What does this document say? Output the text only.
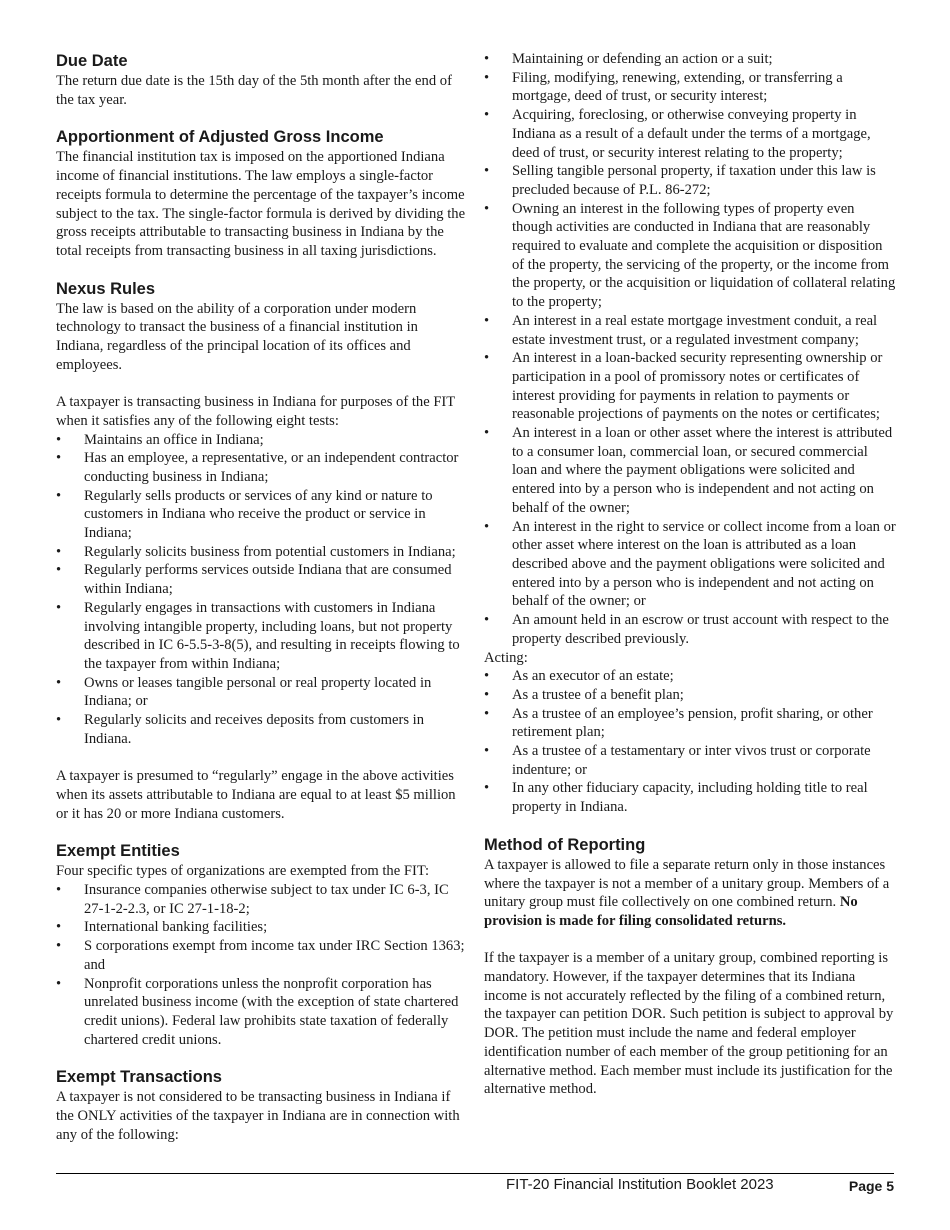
Due Date

The return due date is the 15th day of the 5th month after the end of the tax year.

Apportionment of Adjusted Gross Income

The financial institution tax is imposed on the apportioned Indiana income of financial institutions. The law employs a single-factor receipts formula to determine the percentage of the taxpayer’s income subject to the tax. The single-factor formula is derived by dividing the gross receipts attributable to transacting business in Indiana by the total receipts from transacting business in all taxing jurisdictions.

Nexus Rules

The law is based on the ability of a corporation under modern technology to transact the business of a financial institution in Indiana, regardless of the principal location of its offices and employees.

A taxpayer is transacting business in Indiana for purposes of the FIT when it satisfies any of the following eight tests:

• Maintains an office in Indiana;
• Has an employee, a representative, or an independent contractor conducting business in Indiana;
• Regularly sells products or services of any kind or nature to customers in Indiana who receive the product or service in Indiana;
• Regularly solicits business from potential customers in Indiana;
• Regularly performs services outside Indiana that are consumed within Indiana;
• Regularly engages in transactions with customers in Indiana involving intangible property, including loans, but not property described in IC 6-5.5-3-8(5), and resulting in receipts flowing to the taxpayer from within Indiana;
• Owns or leases tangible personal or real property located in Indiana; or
• Regularly solicits and receives deposits from customers in Indiana.

A taxpayer is presumed to “regularly” engage in the above activities when its assets attributable to Indiana are equal to at least $5 million or it has 20 or more Indiana customers.

Exempt Entities

Four specific types of organizations are exempted from the FIT:

• Insurance companies otherwise subject to tax under IC 6-3, IC 27-1-2-2.3, or IC 27-1-18-2;
• International banking facilities;
• S corporations exempt from income tax under IRC Section 1363; and
• Nonprofit corporations unless the nonprofit corporation has unrelated business income (with the exception of state chartered credit unions). Federal law prohibits state taxation of federally chartered credit unions.
Exempt Transactions

A taxpayer is not considered to be transacting business in Indiana if the ONLY activities of the taxpayer in Indiana are in connection with any of the following:

• Maintaining or defending an action or a suit;
• Filing, modifying, renewing, extending, or transferring a mortgage, deed of trust, or security interest;
• Acquiring, foreclosing, or otherwise conveying property in Indiana as a result of a default under the terms of a mortgage, deed of trust, or security interest relating to the property;
• Selling tangible personal property, if taxation under this law is precluded because of P.L. 86-272;
• Owning an interest in the following types of property even though activities are conducted in Indiana that are reasonably required to evaluate and complete the acquisition or disposition of the property, the servicing of the property, or the income from the property, or the acquisition or liquidation of collateral relating to the property;
• An interest in a real estate mortgage investment conduit, a real estate investment trust, or a regulated investment company;
• An interest in a loan-backed security representing ownership or participation in a pool of promissory notes or certificates of interest providing for payments in relation to payments or reasonable projections of payments on the notes or certificates;
• An interest in a loan or other asset where the interest is attributed to a consumer loan, commercial loan, or secured commercial loan and where the payment obligations were solicited and entered into by a person who is independent and not acting on behalf of the owner;
• An interest in the right to service or collect income from a loan or other asset where interest on the loan is attributed as a loan described above and the payment obligations were solicited and entered into by a person who is independent and not acting on behalf of the owner; or
• An amount held in an escrow or trust account with respect to the property described previously.

Acting:

• As an executor of an estate;
• As a trustee of a benefit plan;
• As a trustee of an employee’s pension, profit sharing, or other retirement plan;
• As a trustee of a testamentary or inter vivos trust or corporate indenture; or
• In any other fiduciary capacity, including holding title to real property in Indiana.
Method of Reporting

A taxpayer is allowed to file a separate return only in those instances where the taxpayer is not a member of a unitary group. Members of a unitary group must file collectively on one combined return. No provision is made for filing consolidated returns.

If the taxpayer is a member of a unitary group, combined reporting is mandatory. However, if the taxpayer determines that its Indiana income is not accurately reflected by the filing of a combined return, the taxpayer can petition DOR. Such petition is subject to approval by DOR. The petition must include the name and federal employer identification number of each member of the group petitioning for an alternative method. Each member must include its justification for the alternative method.

FIT-20 Financial Institution Booklet 2023	Page 5
